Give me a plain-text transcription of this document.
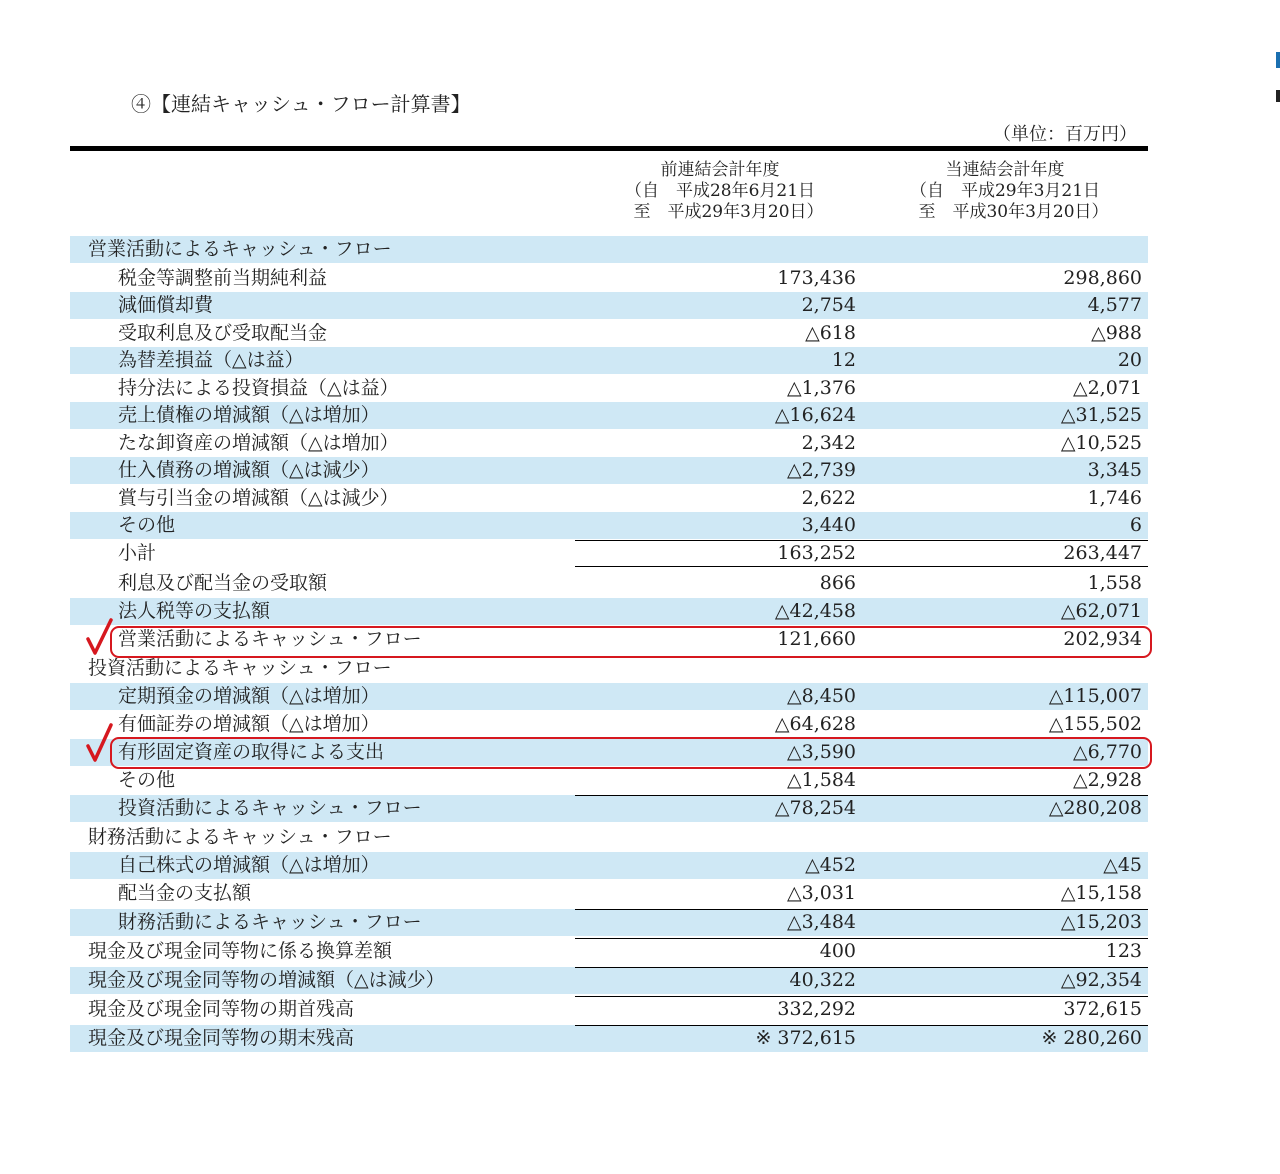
④【連結キャッシュ・フロー計算書】
（単位：百万円）
前連結会計年度
（自　平成28年6月21日
　至　平成29年3月20日）
当連結会計年度
（自　平成29年3月21日
　至　平成30年3月20日）
営業活動によるキャッシュ・フロー
税金等調整前当期純利益	173,436	298,860
減価償却費	2,754	4,577
受取利息及び受取配当金	△618	△988
為替差損益（△は益）	12	20
持分法による投資損益（△は益）	△1,376	△2,071
売上債権の増減額（△は増加）	△16,624	△31,525
たな卸資産の増減額（△は増加）	2,342	△10,525
仕入債務の増減額（△は減少）	△2,739	3,345
賞与引当金の増減額（△は減少）	2,622	1,746
その他	3,440	6
小計	163,252	263,447
利息及び配当金の受取額	866	1,558
法人税等の支払額	△42,458	△62,071
営業活動によるキャッシュ・フロー	121,660	202,934
投資活動によるキャッシュ・フロー
定期預金の増減額（△は増加）	△8,450	△115,007
有価証券の増減額（△は増加）	△64,628	△155,502
有形固定資産の取得による支出	△3,590	△6,770
その他	△1,584	△2,928
投資活動によるキャッシュ・フロー	△78,254	△280,208
財務活動によるキャッシュ・フロー
自己株式の増減額（△は増加）	△452	△45
配当金の支払額	△3,031	△15,158
財務活動によるキャッシュ・フロー	△3,484	△15,203
現金及び現金同等物に係る換算差額	400	123
現金及び現金同等物の増減額（△は減少）	40,322	△92,354
現金及び現金同等物の期首残高	332,292	372,615
現金及び現金同等物の期末残高	※ 372,615	※ 280,260
